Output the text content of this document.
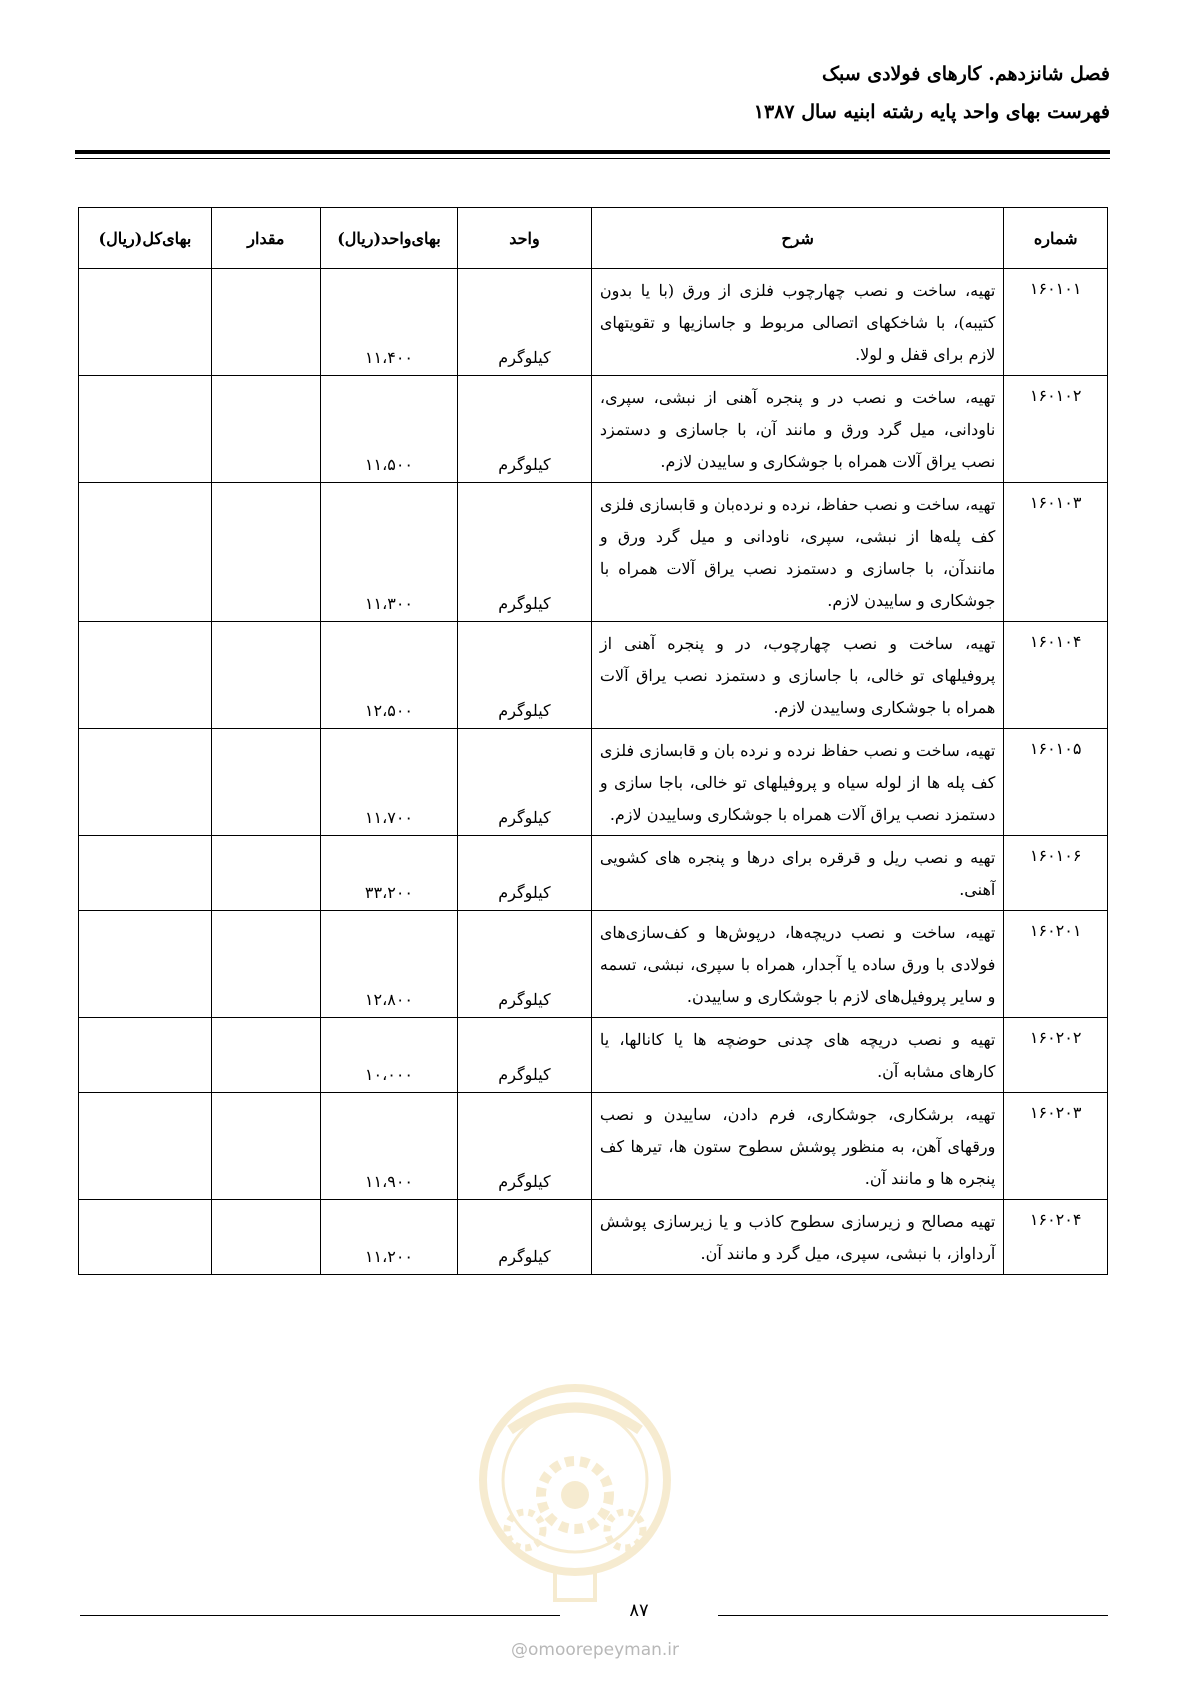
فصل شانزدهم. کارهای فولادی سبک
فهرست بهای واحد پایه رشته ابنیه سال ۱۳۸۷
شماره	شرح	واحد	بهای‌واحد(ریال)	مقدار	بهای‌کل(ریال)
۱۶۰۱۰۱	تهیه، ساخت و نصب چهارچوب فلزی از ورق (با یا بدون کتیبه)، با شاخکهای اتصالی مربوط و جاسازیها و تقویتهای لازم برای قفل و لولا.	کیلوگرم	۱۱،۴۰۰		
۱۶۰۱۰۲	تهیه، ساخت و نصب در و پنجره آهنی از نبشی، سپری، ناودانی، میل گرد ورق و مانند آن، با جاسازی و دستمزد نصب یراق آلات همراه با جوشکاری و ساییدن لازم.	کیلوگرم	۱۱،۵۰۰		
۱۶۰۱۰۳	تهیه، ساخت و نصب حفاظ، نرده و نرده‌بان و قابسازی فلزی کف پله‌ها از نبشی، سپری، ناودانی و میل گرد ورق و مانندآن، با جاسازی و دستمزد نصب یراق آلات همراه با جوشکاری و ساییدن لازم.	کیلوگرم	۱۱،۳۰۰		
۱۶۰۱۰۴	تهیه، ساخت و نصب چهارچوب، در و پنجره آهنی از پروفیلهای تو خالی، با جاسازی و دستمزد نصب یراق آلات همراه با جوشکاری وساییدن لازم.	کیلوگرم	۱۲،۵۰۰		
۱۶۰۱۰۵	تهیه، ساخت و نصب حفاظ نرده و نرده بان و قابسازی فلزی کف پله ها از لوله سیاه و پروفیلهای تو خالی، باجا سازی و دستمزد نصب یراق آلات همراه با جوشکاری وساییدن لازم.	کیلوگرم	۱۱،۷۰۰		
۱۶۰۱۰۶	تهیه و نصب ریل و قرقره برای درها و پنجره های کشویی آهنی.	کیلوگرم	۳۳،۲۰۰		
۱۶۰۲۰۱	تهیه، ساخت و نصب دریچه‌ها، درپوش‌ها و کف‌سازی‌های فولادی با ورق ساده یا آجدار، همراه با سپری، نبشی، تسمه و سایر پروفیل‌های لازم با جوشکاری و ساییدن.	کیلوگرم	۱۲،۸۰۰		
۱۶۰۲۰۲	تهیه و نصب دریچه های چدنی حوضچه ها یا کانالها، یا کارهای مشابه آن.	کیلوگرم	۱۰،۰۰۰		
۱۶۰۲۰۳	تهیه، برشکاری، جوشکاری، فرم دادن، ساییدن و نصب ورقهای آهن، به منظور پوشش سطوح ستون ها، تیرها کف پنجره ها و مانند آن.	کیلوگرم	۱۱،۹۰۰		
۱۶۰۲۰۴	تهیه مصالح و زیرسازی سطوح کاذب و یا زیرسازی پوشش آرداواز، با نبشی، سپری، میل گرد و مانند آن.	کیلوگرم	۱۱،۲۰۰		
۸۷
@omoorepeyman.ir
